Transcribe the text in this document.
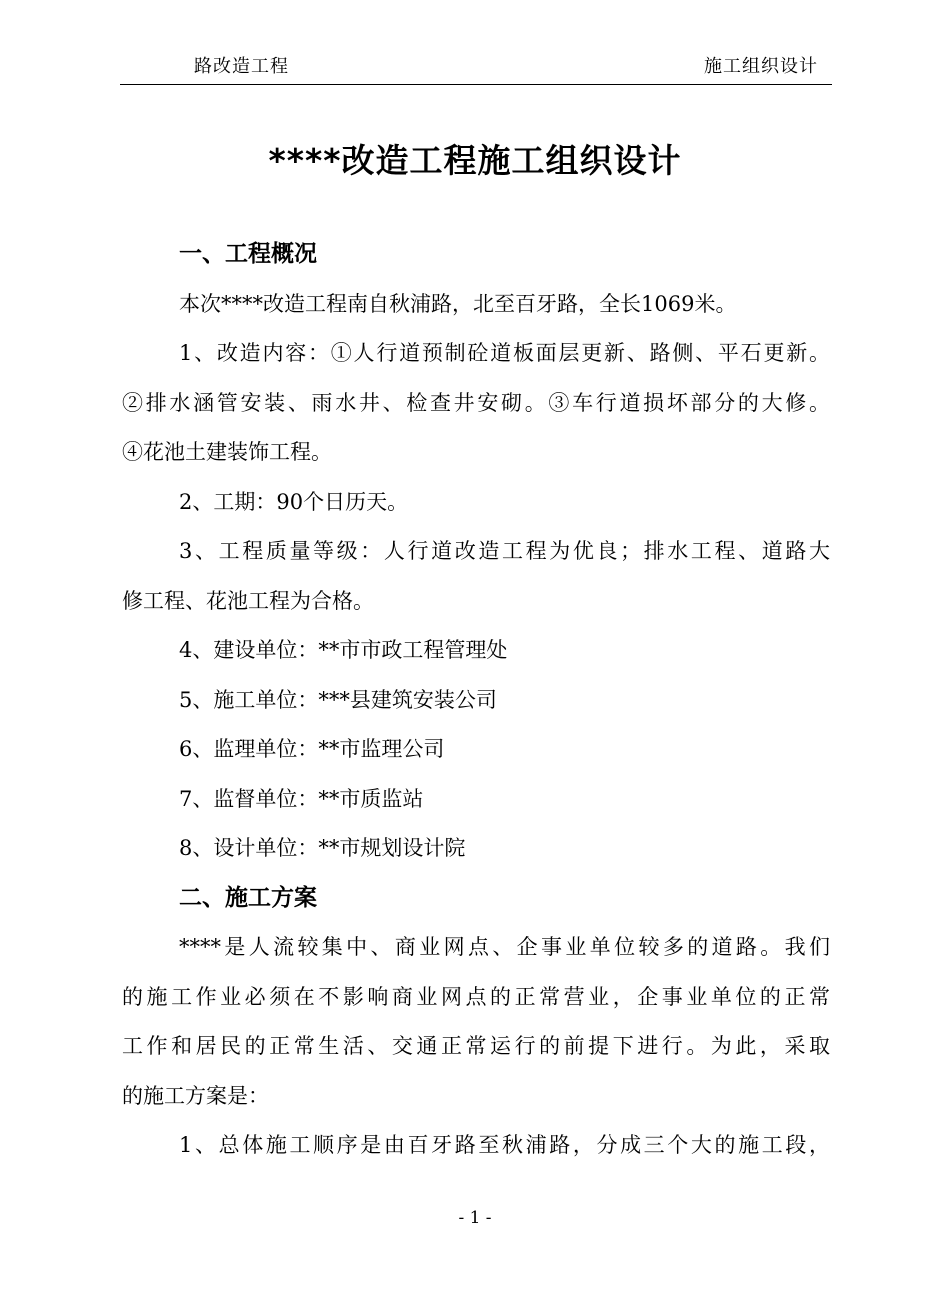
路改造工程	施工组织设计
****改造工程施工组织设计
一、工程概况
本次****改造工程南自秋浦路，北至百牙路，全长1069米。
1、改造内容：①人行道预制砼道板面层更新、路侧、平石更新。
②排水涵管安装、雨水井、检查井安砌。③车行道损坏部分的大修。
④花池土建装饰工程。
2、工期：90个日历天。
3、工程质量等级：人行道改造工程为优良；排水工程、道路大
修工程、花池工程为合格。
4、建设单位：**市市政工程管理处
5、施工单位：***县建筑安装公司
6、监理单位：**市监理公司
7、监督单位：**市质监站
8、设计单位：**市规划设计院
二、施工方案
****是人流较集中、商业网点、企事业单位较多的道路。我们
的施工作业必须在不影响商业网点的正常营业，企事业单位的正常
工作和居民的正常生活、交通正常运行的前提下进行。为此，采取
的施工方案是：
1、总体施工顺序是由百牙路至秋浦路，分成三个大的施工段，
- 1 -
